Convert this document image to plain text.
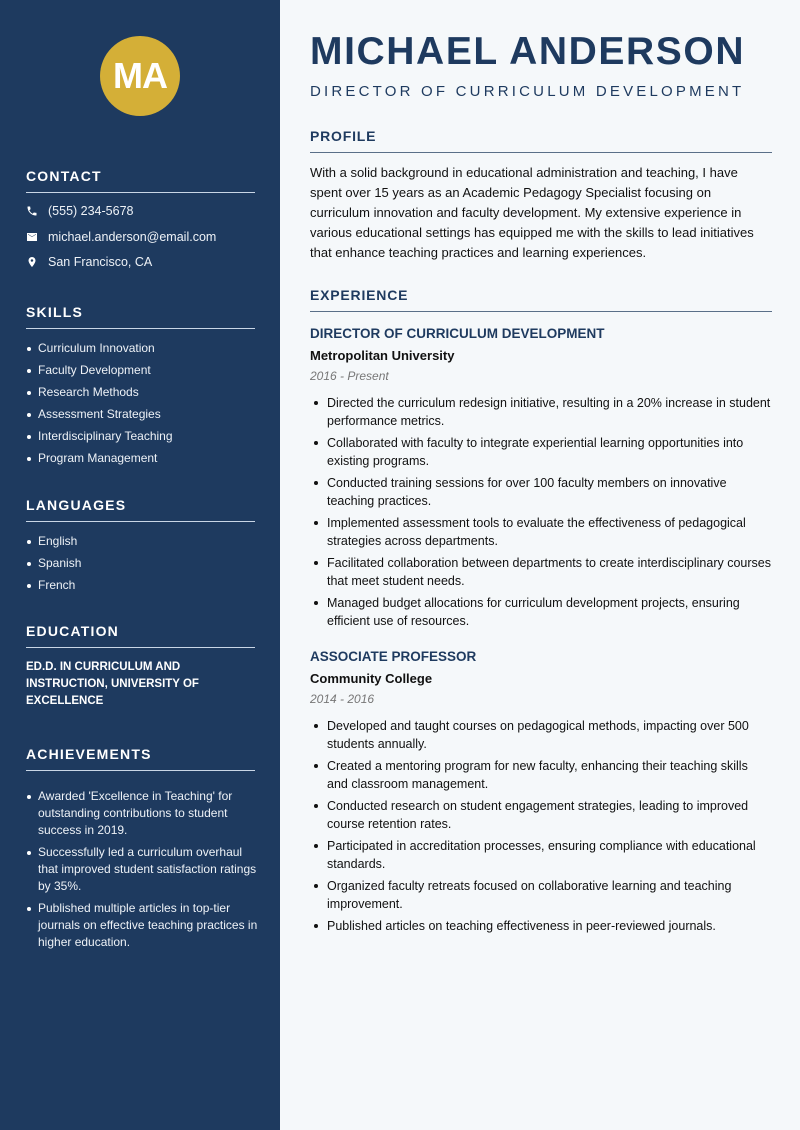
MA
CONTACT
(555) 234-5678
michael.anderson@email.com
San Francisco, CA
SKILLS
Curriculum Innovation
Faculty Development
Research Methods
Assessment Strategies
Interdisciplinary Teaching
Program Management
LANGUAGES
English
Spanish
French
EDUCATION
ED.D. IN CURRICULUM AND INSTRUCTION, UNIVERSITY OF EXCELLENCE
ACHIEVEMENTS
Awarded 'Excellence in Teaching' for outstanding contributions to student success in 2019.
Successfully led a curriculum overhaul that improved student satisfaction ratings by 35%.
Published multiple articles in top-tier journals on effective teaching practices in higher education.
MICHAEL ANDERSON
DIRECTOR OF CURRICULUM DEVELOPMENT
PROFILE
With a solid background in educational administration and teaching, I have spent over 15 years as an Academic Pedagogy Specialist focusing on curriculum innovation and faculty development. My extensive experience in various educational settings has equipped me with the skills to lead initiatives that enhance teaching practices and learning experiences.
EXPERIENCE
DIRECTOR OF CURRICULUM DEVELOPMENT
Metropolitan University
2016 - Present
Directed the curriculum redesign initiative, resulting in a 20% increase in student performance metrics.
Collaborated with faculty to integrate experiential learning opportunities into existing programs.
Conducted training sessions for over 100 faculty members on innovative teaching practices.
Implemented assessment tools to evaluate the effectiveness of pedagogical strategies across departments.
Facilitated collaboration between departments to create interdisciplinary courses that meet student needs.
Managed budget allocations for curriculum development projects, ensuring efficient use of resources.
ASSOCIATE PROFESSOR
Community College
2014 - 2016
Developed and taught courses on pedagogical methods, impacting over 500 students annually.
Created a mentoring program for new faculty, enhancing their teaching skills and classroom management.
Conducted research on student engagement strategies, leading to improved course retention rates.
Participated in accreditation processes, ensuring compliance with educational standards.
Organized faculty retreats focused on collaborative learning and teaching improvement.
Published articles on teaching effectiveness in peer-reviewed journals.
